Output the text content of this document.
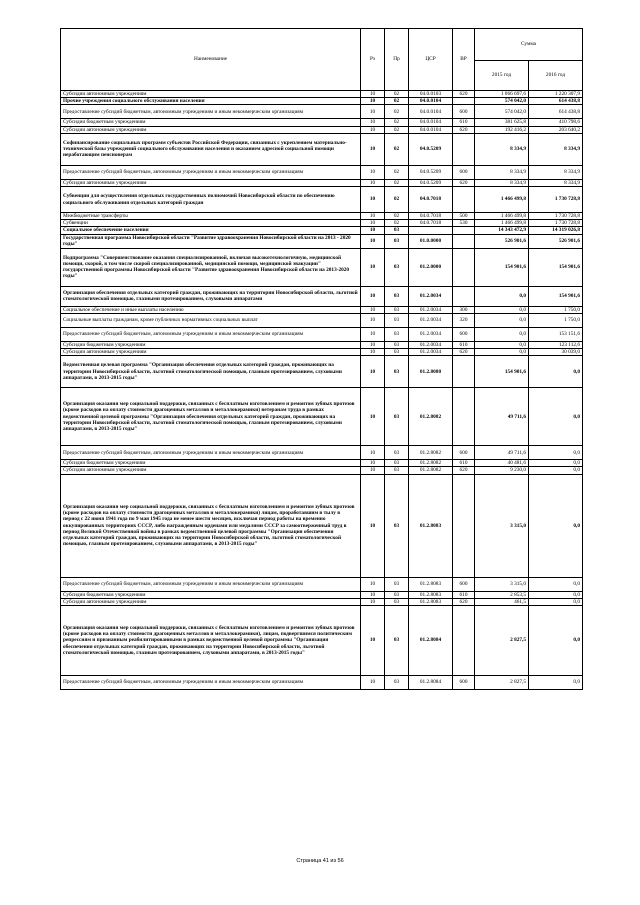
Наименование	Рз	Пр	ЦСР	ВР	Сумма	
					2015 год	2016 год
Субсидии автономным учреждениям	10	02	04.0.0103	620	1 066 697,6	1 220 307,9
Прочие учреждения социального обслуживания населения	10	02	04.0.0104		574 042,0	614 438,8
Предоставление субсидий бюджетным, автономным учреждениям и иным некоммерческим организациям	10	02	04.0.0104	600	574 042,0	614 438,8
Субсидии бюджетным учреждениям	10	02	04.0.0104	610	381 625,8	410 798,6
Субсидии автономным учреждениям	10	02	04.0.0104	620	192 416,2	203 640,2
Софинансирование социальных программ субъектов Российской Федерации, связанных с укреплением материально-технической базы учреждений социального обслуживания населения и оказанием адресной социальной помощи неработающим пенсионерам	10	02	04.0.5209		8 334,9	8 334,9
Предоставление субсидий бюджетным, автономным учреждениям и иным некоммерческим организациям	10	02	04.0.5209	600	8 334,9	8 334,9
Субсидии автономным учреждениям	10	02	04.0.5209	620	8 334,9	8 334,9
Субвенции для осуществления отдельных государственных полномочий Новосибирской области по обеспечению социального обслуживания отдельных категорий граждан	10	02	04.0.7018		1 466 499,8	1 730 728,8
Межбюджетные трансферты	10	02	04.0.7018	500	1 466 499,8	1 730 728,8
Субвенции	10	02	04.0.7018	530	1 466 499,8	1 730 728,8
Социальное обеспечение населения	10	03			14 343 472,9	14 319 026,8
Государственная программа Новосибирской области "Развитие здравоохранения Новосибирской области на 2013 - 2020 годы"	10	03	01.0.0000		526 901,6	526 901,6
Подпрограмма "Совершенствование оказания специализированной, включая высокотехнологичную, медицинской помощи, скорой, в том числе скорой специализированной, медицинской помощи, медицинской эвакуации" государственной программы Новосибирской области "Развитие здравоохранения Новосибирской области на 2013-2020 годы"	10	03	01.2.0000		154 901,6	154 901,6
Организация обеспечения отдельных категорий граждан, проживающих на территории Новосибирской области, льготной стоматологической помощью, глазными протезированием, слуховыми аппаратами	10	03	01.2.0034		0,0	154 901,6
Социальное обеспечение и иные выплаты населению	10	03	01.2.0034	300	0,0	1 750,0
Социальные выплаты гражданам, кроме публичных нормативных социальных выплат	10	03	01.2.0034	320	0,0	1 750,0
Предоставление субсидий бюджетным, автономным учреждениям и иным некоммерческим организациям	10	03	01.2.0034	600	0,0	153 151,6
Субсидии бюджетным учреждениям	10	03	01.2.0034	610	0,0	123 112,6
Субсидии автономным учреждениям	10	03	01.2.0034	620	0,0	30 039,0
Ведомственная целевая программа "Организация обеспечения отдельных категорий граждан, проживающих на территории Новосибирской области, льготной стоматологической помощью, глазным протезированием, слуховыми аппаратами, в 2013-2015 годы"	10	03	01.2.8080		154 901,6	0,0
Организация оказания мер социальной поддержки, связанных с бесплатным изготовлением и ремонтом зубных протезов (кроме расходов на оплату стоимости драгоценных металлов и металлокерамики) ветеранам труда в рамках ведомственной целевой программы "Организация обеспечения отдельных категорий граждан, проживающих на территории Новосибирской области, льготной стоматологической помощью, глазным протезированием, слуховыми аппаратами, в 2013-2015 годы"	10	03	01.2.8082		49 711,6	0,0
Предоставление субсидий бюджетным, автономным учреждениям и иным некоммерческим организациям	10	03	01.2.8082	600	49 711,6	0,0
Субсидии бюджетным учреждениям	10	03	01.2.8082	610	40 481,6	0,0
Субсидии автономным учреждениям	10	03	01.2.8082	620	9 230,0	0,0
Организация оказания мер социальной поддержки, связанных с бесплатным изготовлением и ремонтом зубных протезов (кроме расходов на оплату стоимости драгоценных металлов и металлокерамики) лицам, проработавшим в тылу в период с 22 июня 1941 года по 9 мая 1945 года не менее шести месяцев, исключая период работы на временно оккупированных территориях СССР, либо награжденным орденами или медалями СССР за самоотверженный труд в период Великой Отечественной войны в рамках ведомственной целевой программы "Организация обеспечения отдельных категорий граждан, проживающих на территории Новосибирской области, льготной стоматологической помощью, глазным протезированием, слуховыми аппаратами, в 2013-2015 годы"	10	03	01.2.8083		3 315,0	0,0
Предоставление субсидий бюджетным, автономным учреждениям и иным некоммерческим организациям	10	03	01.2.8083	600	3 315,0	0,0
Субсидии бюджетным учреждениям	10	03	01.2.8083	610	2 853,5	0,0
Субсидии автономным учреждениям	10	03	01.2.8083	620	461,5	0,0
Организация оказания мер социальной поддержки, связанных с бесплатным изготовлением и ремонтом зубных протезов (кроме расходов на оплату стоимости драгоценных металлов и металлокерамики), лицам, подвергшимся политическим репрессиям и признанным реабилитированными в рамках ведомственной целевой программы "Организация обеспечения отдельных категорий граждан, проживающих на территории Новосибирской области, льготной стоматологической помощью, глазным протезированием, слуховыми аппаратами, в 2013-2015 годы"	10	03	01.2.8084		2 827,5	0,0
Предоставление субсидий бюджетным, автономным учреждениям и иным некоммерческим организациям	10	03	01.2.8084	600	2 827,5	0,0
Страница 41 из 56
